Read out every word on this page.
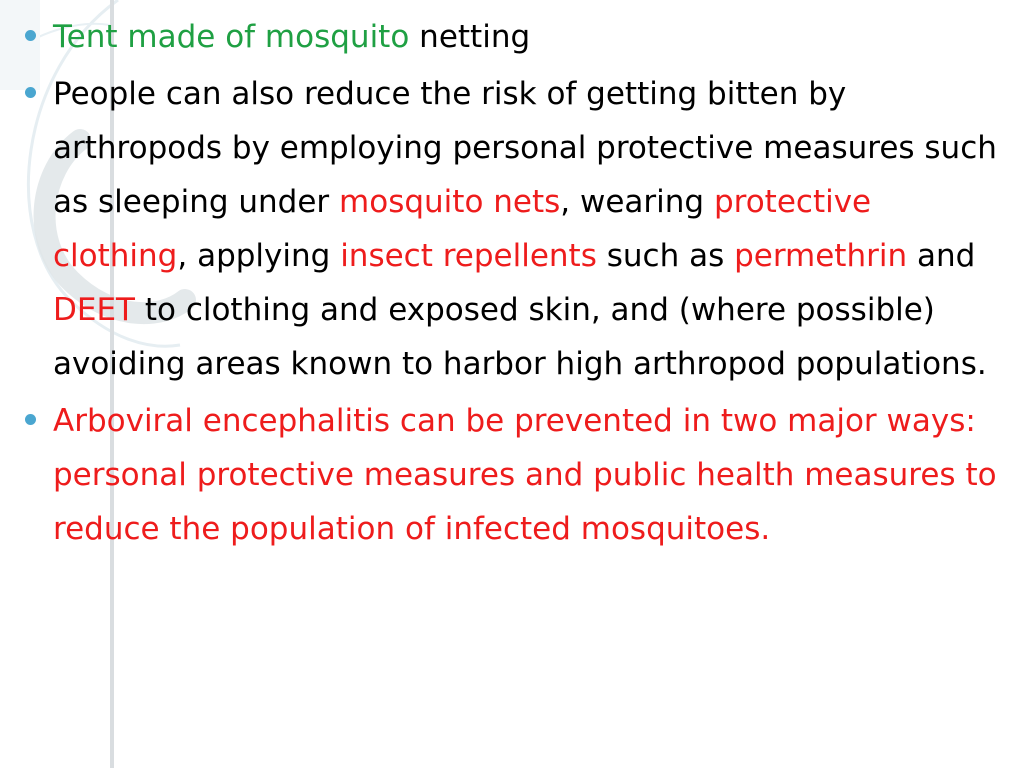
Tent made of mosquito netting
People can also reduce the risk of getting bitten by arthropods by employing personal protective measures such as sleeping under mosquito nets, wearing protective clothing, applying insect repellents such as permethrin and DEET to clothing and exposed skin, and (where possible) avoiding areas known to harbor high arthropod populations.
Arboviral encephalitis can be prevented in two major ways: personal protective measures and public health measures to reduce the population of infected mosquitoes.
